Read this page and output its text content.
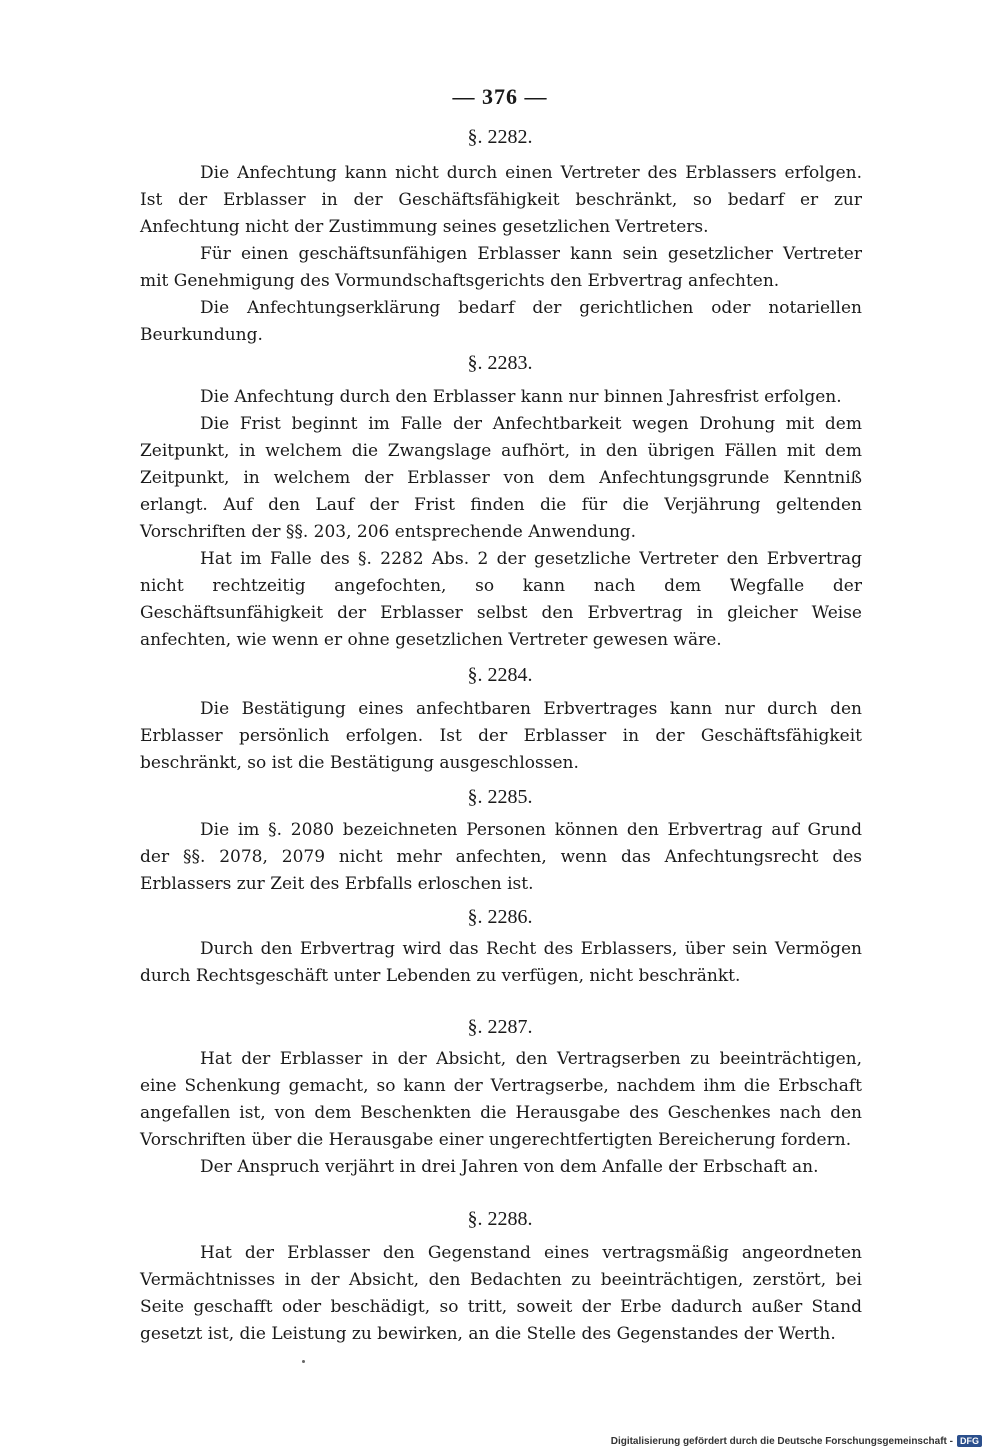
— 376 —
§. 2282.
Die Anfechtung kann nicht durch einen Vertreter des Erblassers erfolgen. Ist der Erblasser in der Geschäftsfähigkeit beschränkt, so bedarf er zur Anfechtung nicht der Zustimmung seines gesetzlichen Vertreters.
Für einen geschäftsunfähigen Erblasser kann sein gesetzlicher Vertreter mit Genehmigung des Vormundschaftsgerichts den Erbvertrag anfechten.
Die Anfechtungserklärung bedarf der gerichtlichen oder notariellen Beurkundung.
§. 2283.
Die Anfechtung durch den Erblasser kann nur binnen Jahresfrist erfolgen.
Die Frist beginnt im Falle der Anfechtbarkeit wegen Drohung mit dem Zeitpunkt, in welchem die Zwangslage aufhört, in den übrigen Fällen mit dem Zeitpunkt, in welchem der Erblasser von dem Anfechtungsgrunde Kenntniß erlangt. Auf den Lauf der Frist finden die für die Verjährung geltenden Vorschriften der §§. 203, 206 entsprechende Anwendung.
Hat im Falle des §. 2282 Abs. 2 der gesetzliche Vertreter den Erbvertrag nicht rechtzeitig angefochten, so kann nach dem Wegfalle der Geschäftsunfähigkeit der Erblasser selbst den Erbvertrag in gleicher Weise anfechten, wie wenn er ohne gesetzlichen Vertreter gewesen wäre.
§. 2284.
Die Bestätigung eines anfechtbaren Erbvertrages kann nur durch den Erblasser persönlich erfolgen. Ist der Erblasser in der Geschäftsfähigkeit beschränkt, so ist die Bestätigung ausgeschlossen.
§. 2285.
Die im §. 2080 bezeichneten Personen können den Erbvertrag auf Grund der §§. 2078, 2079 nicht mehr anfechten, wenn das Anfechtungsrecht des Erblassers zur Zeit des Erbfalls erloschen ist.
§. 2286.
Durch den Erbvertrag wird das Recht des Erblassers, über sein Vermögen durch Rechtsgeschäft unter Lebenden zu verfügen, nicht beschränkt.
§. 2287.
Hat der Erblasser in der Absicht, den Vertragserben zu beeinträchtigen, eine Schenkung gemacht, so kann der Vertragserbe, nachdem ihm die Erbschaft angefallen ist, von dem Beschenkten die Herausgabe des Geschenkes nach den Vorschriften über die Herausgabe einer ungerechtfertigten Bereicherung fordern.
Der Anspruch verjährt in drei Jahren von dem Anfalle der Erbschaft an.
§. 2288.
Hat der Erblasser den Gegenstand eines vertragsmäßig angeordneten Vermächtnisses in der Absicht, den Bedachten zu beeinträchtigen, zerstört, bei Seite geschafft oder beschädigt, so tritt, soweit der Erbe dadurch außer Stand gesetzt ist, die Leistung zu bewirken, an die Stelle des Gegenstandes der Werth.
Digitalisierung gefördert durch die Deutsche Forschungsgemeinschaft - DFG
